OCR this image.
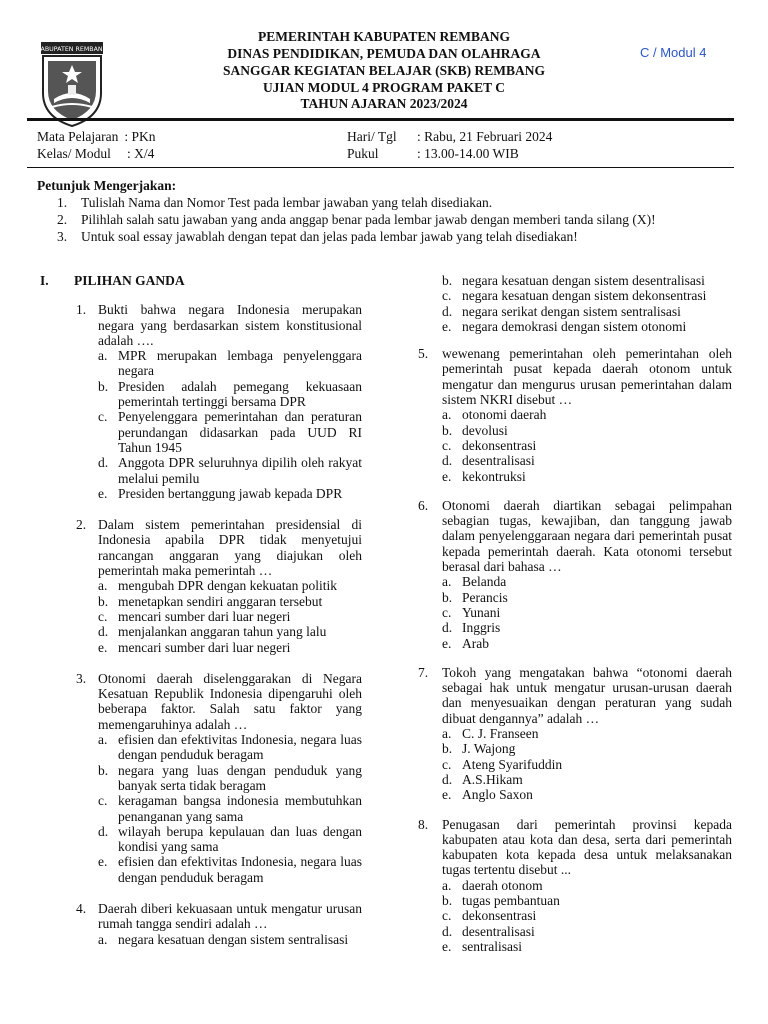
KABUPATEN REMBANG
PEMERINTAH KABUPATEN REMBANG
DINAS PENDIDIKAN, PEMUDA DAN OLAHRAGA
SANGGAR KEGIATAN BELAJAR (SKB) REMBANG
UJIAN MODUL 4 PROGRAM PAKET C
TAHUN AJARAN 2023/2024
C / Modul 4
Mata Pelajaran : PKn
Kelas/ Modul : X/4
Hari/ Tgl : Rabu, 21 Februari 2024
Pukul	: 13.00-14.00 WIB
Petunjuk Mengerjakan:
1. Tulislah Nama dan Nomor Test pada lembar jawaban yang telah disediakan.
2. Pilihlah salah satu jawaban yang anda anggap benar pada lembar jawab dengan memberi tanda silang (X)!
3. Untuk soal essay jawablah dengan tepat dan jelas pada lembar jawab yang telah disediakan!
I. PILIHAN GANDA
1. Bukti bahwa negara Indonesia merupakan negara yang berdasarkan sistem konstitusional adalah ….
a. MPR merupakan lembaga penyelenggara negara
b. Presiden adalah pemegang kekuasaan pemerintah tertinggi bersama DPR
c. Penyelenggara pemerintahan dan peraturan perundangan didasarkan pada UUD RI Tahun 1945
d. Anggota DPR seluruhnya dipilih oleh rakyat melalui pemilu
e. Presiden bertanggung jawab kepada DPR
2. Dalam sistem pemerintahan presidensial di Indonesia apabila DPR tidak menyetujui rancangan anggaran yang diajukan oleh pemerintah maka pemerintah …
a. mengubah DPR dengan kekuatan politik
b. menetapkan sendiri anggaran tersebut
c. mencari sumber dari luar negeri
d. menjalankan anggaran tahun yang lalu
e. mencari sumber dari luar negeri
3. Otonomi daerah diselenggarakan di Negara Kesatuan Republik Indonesia dipengaruhi oleh beberapa faktor. Salah satu faktor yang memengaruhinya adalah …
a. efisien dan efektivitas Indonesia, negara luas dengan penduduk beragam
b. negara yang luas dengan penduduk yang banyak serta tidak beragam
c. keragaman bangsa indonesia membutuhkan penanganan yang sama
d. wilayah berupa kepulauan dan luas dengan kondisi yang sama
e. efisien dan efektivitas Indonesia, negara luas dengan penduduk beragam
4. Daerah diberi kekuasaan untuk mengatur urusan rumah tangga sendiri adalah …
a. negara kesatuan dengan sistem sentralisasi
b. negara kesatuan dengan sistem desentralisasi
c. negara kesatuan dengan sistem dekonsentrasi
d. negara serikat dengan sistem sentralisasi
e. negara demokrasi dengan sistem otonomi
5. wewenang pemerintahan oleh pemerintahan oleh pemerintah pusat kepada daerah otonom untuk mengatur dan mengurus urusan pemerintahan dalam sistem NKRI disebut …
a. otonomi daerah
b. devolusi
c. dekonsentrasi
d. desentralisasi
e. kekontruksi
6. Otonomi daerah diartikan sebagai pelimpahan sebagian tugas, kewajiban, dan tanggung jawab dalam penyelenggaraan negara dari pemerintah pusat kepada pemerintah daerah. Kata otonomi tersebut berasal dari bahasa …
a. Belanda
b. Perancis
c. Yunani
d. Inggris
e. Arab
7. Tokoh yang mengatakan bahwa “otonomi daerah sebagai hak untuk mengatur urusan-urusan daerah dan menyesuaikan dengan peraturan yang sudah dibuat dengannya” adalah …
a. C. J. Franseen
b. J. Wajong
c. Ateng Syarifuddin
d. A.S.Hikam
e. Anglo Saxon
8. Penugasan dari pemerintah provinsi kepada kabupaten atau kota dan desa, serta dari pemerintah kabupaten kota kepada desa untuk melaksanakan tugas tertentu disebut ...
a. daerah otonom
b. tugas pembantuan
c. dekonsentrasi
d. desentralisasi
e. sentralisasi
